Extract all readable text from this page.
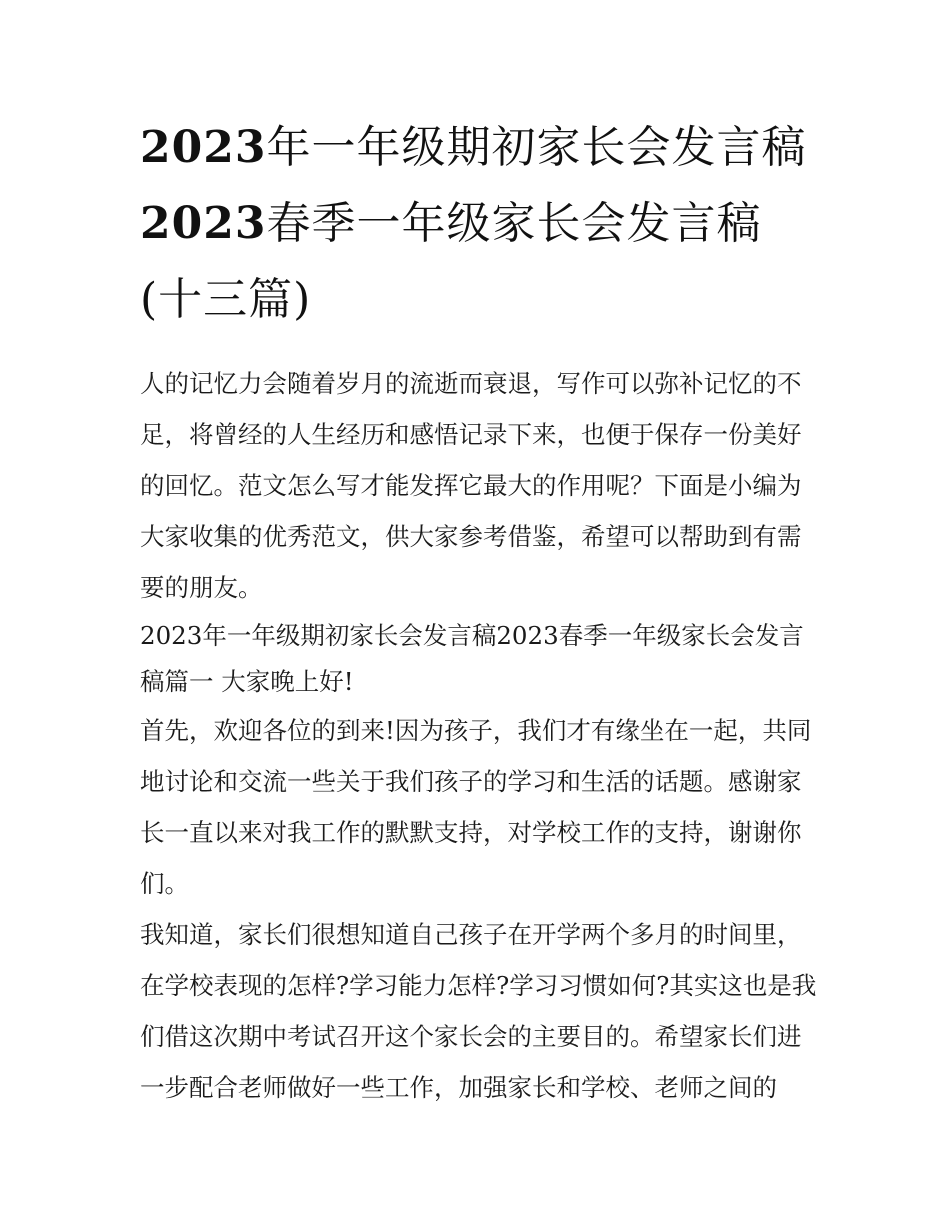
2023年一年级期初家长会发言稿2023春季一年级家长会发言稿(十三篇)

人的记忆力会随着岁月的流逝而衰退，写作可以弥补记忆的不足，将曾经的人生经历和感悟记录下来，也便于保存一份美好的回忆。范文怎么写才能发挥它最大的作用呢？下面是小编为大家收集的优秀范文，供大家参考借鉴，希望可以帮助到有需要的朋友。

2023年一年级期初家长会发言稿2023春季一年级家长会发言稿篇一 大家晚上好!

首先，欢迎各位的到来!因为孩子，我们才有缘坐在一起，共同地讨论和交流一些关于我们孩子的学习和生活的话题。感谢家长一直以来对我工作的默默支持，对学校工作的支持，谢谢你们。

我知道，家长们很想知道自己孩子在开学两个多月的时间里，在学校表现的怎样?学习能力怎样?学习习惯如何?其实这也是我们借这次期中考试召开这个家长会的主要目的。希望家长们进一步配合老师做好一些工作，加强家长和学校、老师之间的
